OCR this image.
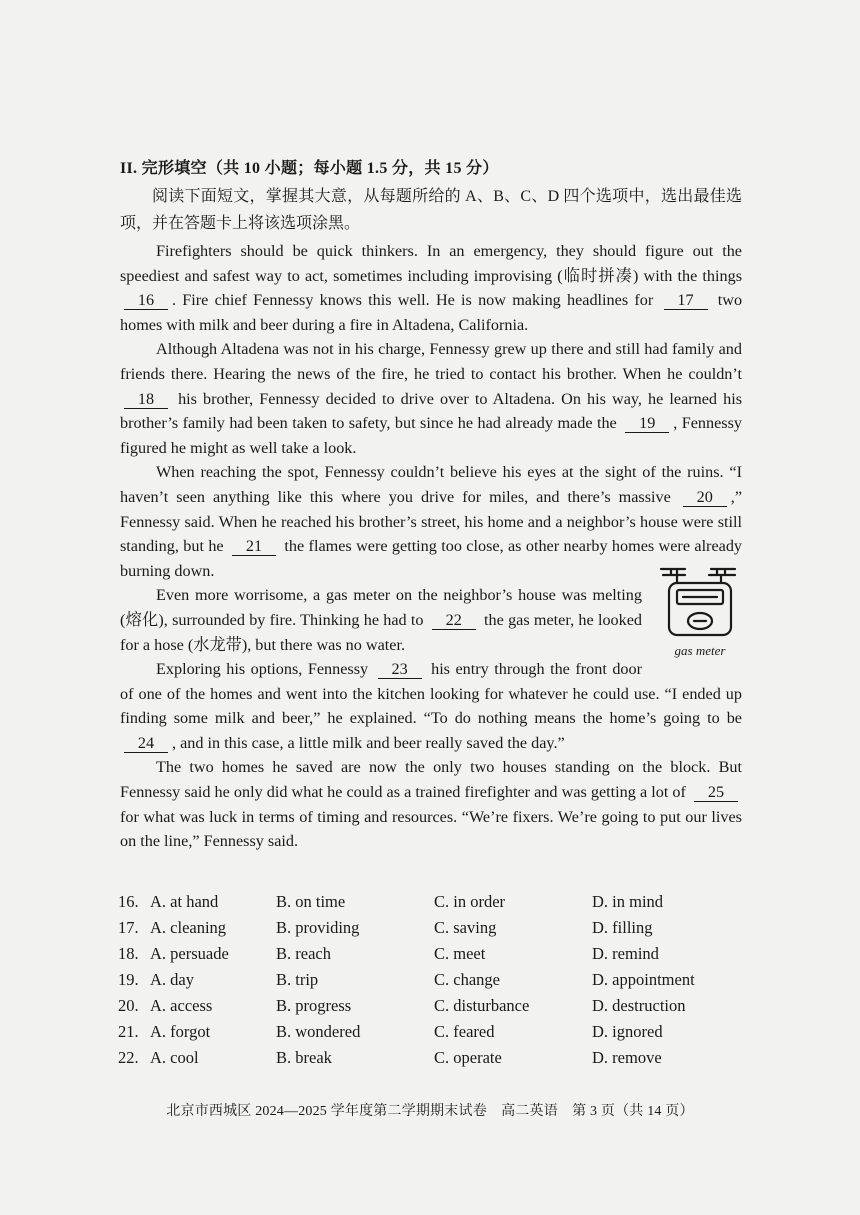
II. 完形填空（共 10 小题；每小题 1.5 分，共 15 分）
阅读下面短文，掌握其大意，从每题所给的 A、B、C、D 四个选项中，选出最佳选项，并在答题卡上将该选项涂黑。

Firefighters should be quick thinkers. In an emergency, they should figure out the speediest and safest way to act, sometimes including improvising (临时拼凑) with the things 16 . Fire chief Fennessy knows this well. He is now making headlines for 17 two homes with milk and beer during a fire in Altadena, California.

Although Altadena was not in his charge, Fennessy grew up there and still had family and friends there. Hearing the news of the fire, he tried to contact his brother. When he couldn’t 18 his brother, Fennessy decided to drive over to Altadena. On his way, he learned his brother’s family had been taken to safety, but since he had already made the 19 , Fennessy figured he might as well take a look.

When reaching the spot, Fennessy couldn’t believe his eyes at the sight of the ruins. “I haven’t seen anything like this where you drive for miles, and there’s massive 20 ,” Fennessy said. When he reached his brother’s street, his home and a neighbor’s house were still standing, but he 21 the flames were getting too close, as other nearby homes were already burning down.

Even more worrisome, a gas meter on the neighbor’s house was melting (熔化), surrounded by fire. Thinking he had to 22 the gas meter, he looked for a hose (水龙带), but there was no water.

Exploring his options, Fennessy 23 his entry through the front door of one of the homes and went into the kitchen looking for whatever he could use. “I ended up finding some milk and beer,” he explained. “To do nothing means the home’s going to be 24 , and in this case, a little milk and beer really saved the day.”

The two homes he saved are now the only two houses standing on the block. But Fennessy said he only did what he could as a trained firefighter and was getting a lot of 25 for what was luck in terms of timing and resources. “We’re fixers. We’re going to put our lives on the line,” Fennessy said.

gas meter
16. A. at hand	B. on time	C. in order	D. in mind
17. A. cleaning	B. providing	C. saving	D. filling
18. A. persuade	B. reach	C. meet	D. remind
19. A. day	B. trip	C. change	D. appointment
20. A. access	B. progress	C. disturbance	D. destruction
21. A. forgot	B. wondered	C. feared	D. ignored
22. A. cool	B. break	C. operate	D. remove
北京市西城区 2024—2025 学年度第二学期期末试卷　高二英语　第 3 页（共 14 页）
